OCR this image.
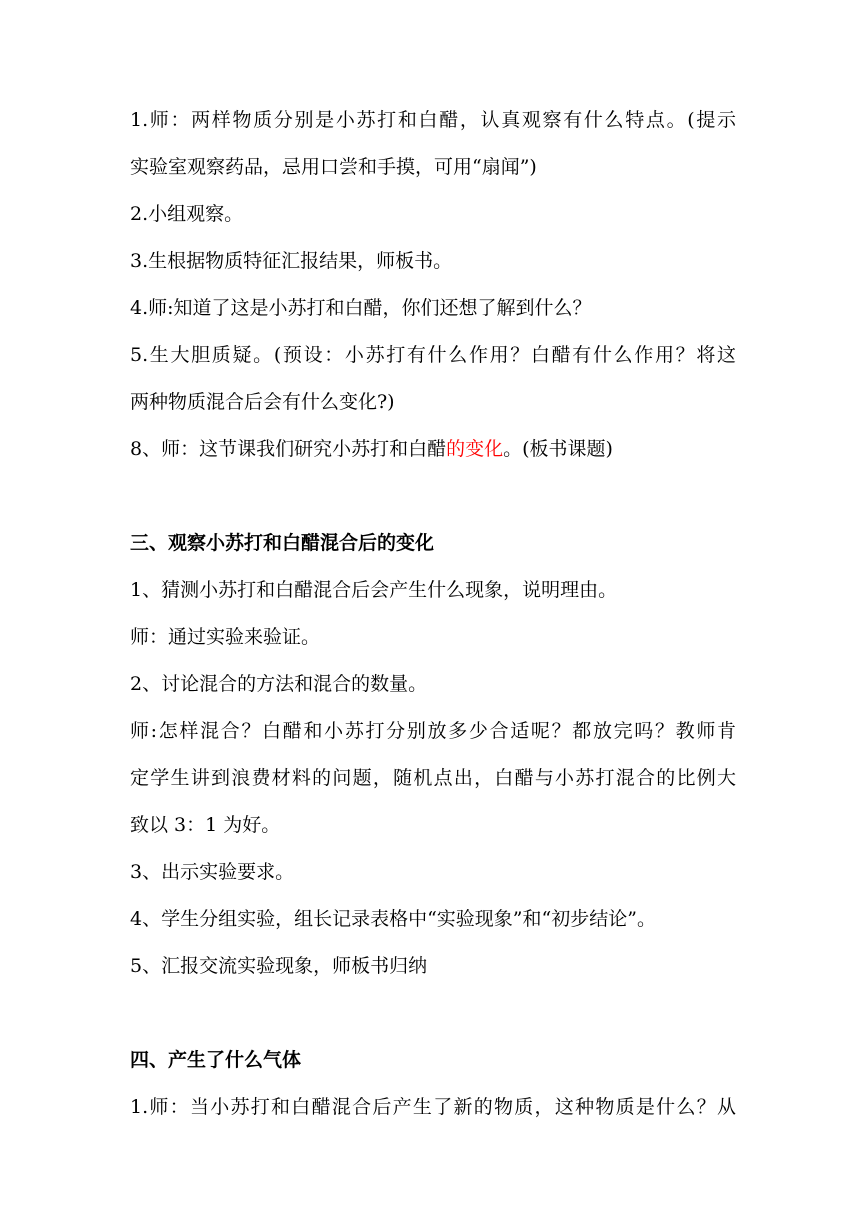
1.师：两样物质分别是小苏打和白醋，认真观察有什么特点。(提示

实验室观察药品，忌用口尝和手摸，可用“扇闻”)

2.小组观察。

3.生根据物质特征汇报结果，师板书。

4.师:知道了这是小苏打和白醋，你们还想了解到什么？

5.生大胆质疑。(预设：小苏打有什么作用？白醋有什么作用？将这

两种物质混合后会有什么变化?)

8、师：这节课我们研究小苏打和白醋的变化。(板书课题)

三、观察小苏打和白醋混合后的变化

1、猜测小苏打和白醋混合后会产生什么现象，说明理由。

师：通过实验来验证。

2、讨论混合的方法和混合的数量。

师:怎样混合？白醋和小苏打分别放多少合适呢？都放完吗？教师肯

定学生讲到浪费材料的问题，随机点出，白醋与小苏打混合的比例大

致以 3：1 为好。

3、出示实验要求。

4、学生分组实验，组长记录表格中“实验现象”和“初步结论”。

5、汇报交流实验现象，师板书归纳

四、产生了什么气体

1.师：当小苏打和白醋混合后产生了新的物质，这种物质是什么？从
